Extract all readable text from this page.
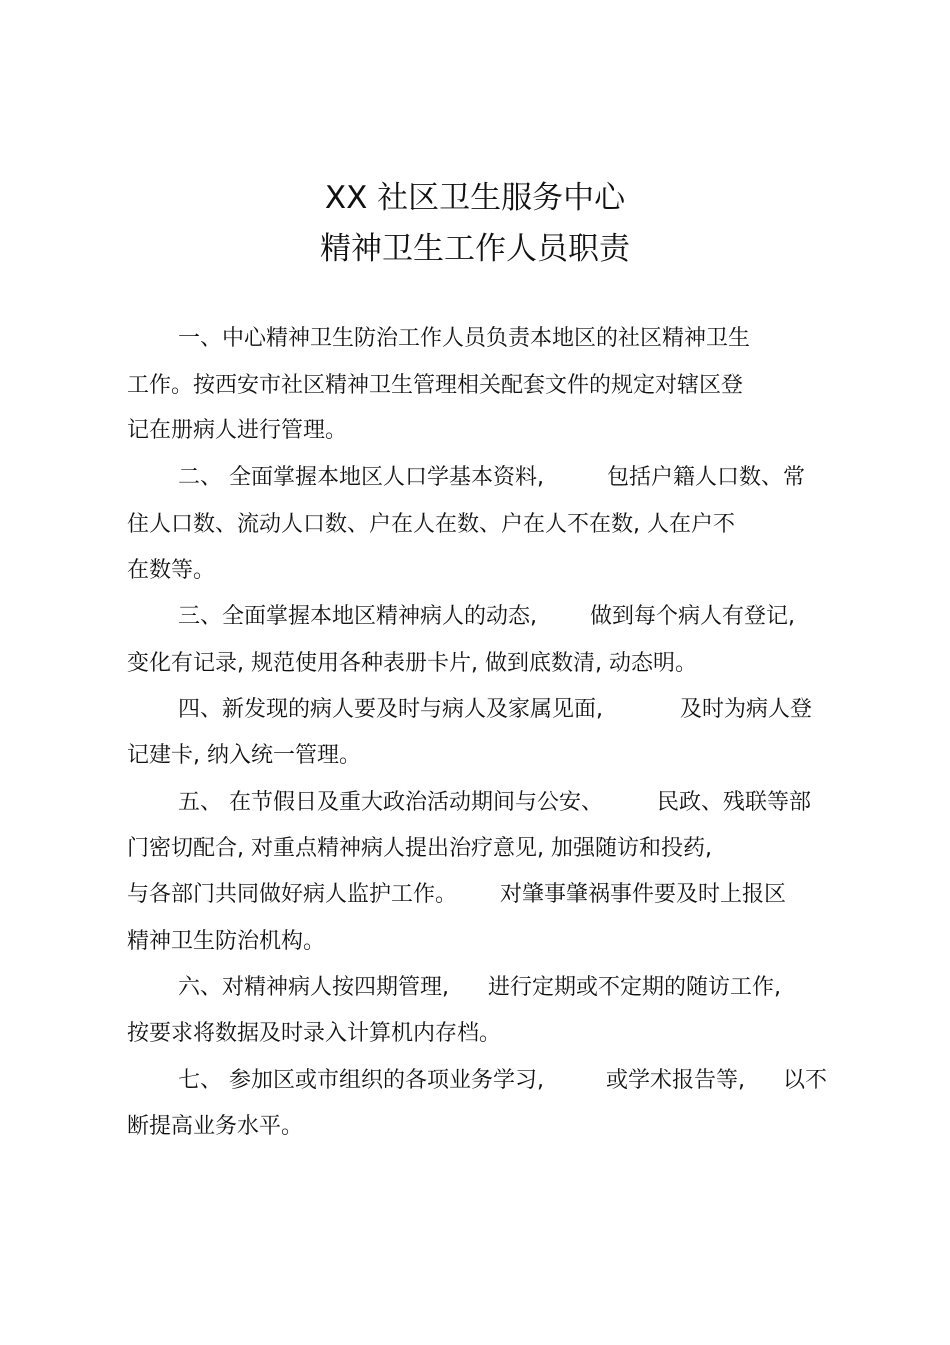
XX 社区卫生服务中心
精神卫生工作人员职责
一、中心精神卫生防治工作人员负责本地区的社区精神卫生
工作。按西安市社区精神卫生管理相关配套文件的规定对辖区登
记在册病人进行管理。
二、 全面掌握本地区人口学基本资料,	包括户籍人口数、常
住人口数、流动人口数、户在人在数、户在人不在数, 人在户不
在数等。
三、全面掌握本地区精神病人的动态, 做到每个病人有登记,
变化有记录, 规范使用各种表册卡片, 做到底数清, 动态明。
四、新发现的病人要及时与病人及家属见面,	及时为病人登
记建卡, 纳入统一管理。
五、 在节假日及重大政治活动期间与公安、 民政、残联等部
门密切配合, 对重点精神病人提出治疗意见, 加强随访和投药,
与各部门共同做好病人监护工作。 对肇事肇祸事件要及时上报区
精神卫生防治机构。
六、对精神病人按四期管理, 进行定期或不定期的随访工作,
按要求将数据及时录入计算机内存档。
七、 参加区或市组织的各项业务学习,	或学术报告等, 以不
断提高业务水平。
